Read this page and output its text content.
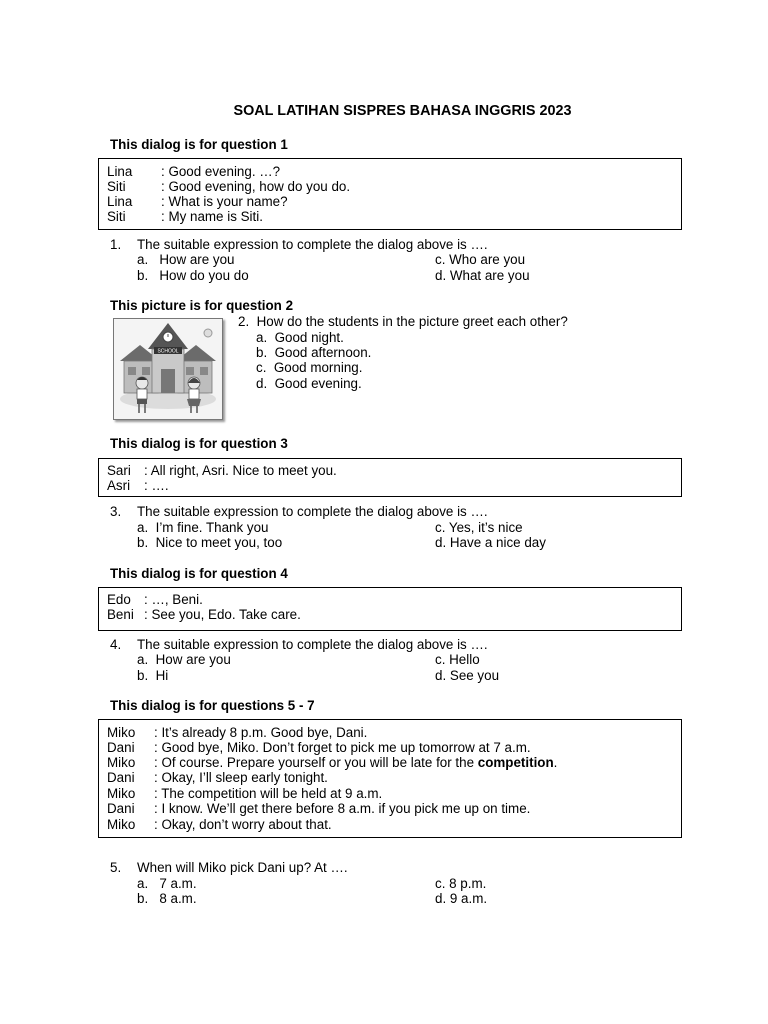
SOAL LATIHAN SISPRES BAHASA INGGRIS 2023
This dialog is for question 1
Lina : Good evening. …?
Siti	: Good evening, how do you do.
Lina : What is your name?
Siti	: My name is Siti.
1. The suitable expression to complete the dialog above is ….
a.   How are you	c. Who are you
b.   How do you do	d. What are you
This picture is for question 2
SCHOOL
2.  How do the students in the picture greet each other?
a.  Good night.
b.  Good afternoon.
c.  Good morning.
d.  Good evening.
This dialog is for question 3
Sari : All right, Asri. Nice to meet you.
Asri : ….
3. The suitable expression to complete the dialog above is ….
a.  I’m fine. Thank you	c. Yes, it’s nice
b.  Nice to meet you, too	d. Have a nice day
This dialog is for question 4
Edo : …, Beni.
Beni : See you, Edo. Take care.
4. The suitable expression to complete the dialog above is ….
a.  How are you	c. Hello
b.  Hi	d. See you
This dialog is for questions 5 - 7
Miko : It’s already 8 p.m. Good bye, Dani.
Dani : Good bye, Miko. Don’t forget to pick me up tomorrow at 7 a.m.
Miko : Of course. Prepare yourself or you will be late for the competition.
Dani : Okay, I’ll sleep early tonight.
Miko : The competition will be held at 9 a.m.
Dani : I know. We’ll get there before 8 a.m. if you pick me up on time.
Miko : Okay, don’t worry about that.
5. When will Miko pick Dani up? At ….
a.   7 a.m.	c. 8 p.m.
b.   8 a.m.	d. 9 a.m.
